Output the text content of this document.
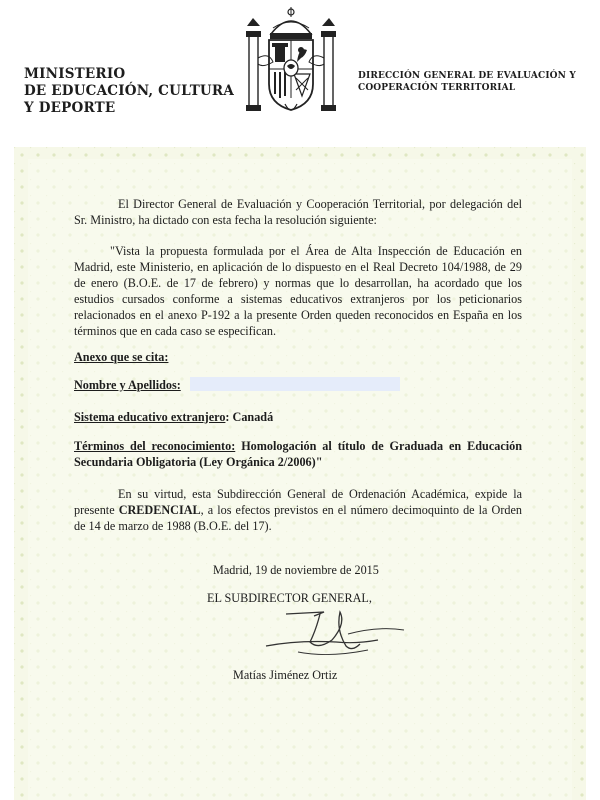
MINISTERIO
DE EDUCACIÓN, CULTURA
Y DEPORTE
DIRECCIÓN GENERAL DE EVALUACIÓN Y
COOPERACIÓN TERRITORIAL
El Director General de Evaluación y Cooperación Territorial, por delegación del Sr. Ministro, ha dictado con esta fecha la resolución siguiente:
"Vista la propuesta formulada por el Área de Alta Inspección de Educación en Madrid, este Ministerio, en aplicación de lo dispuesto en el Real Decreto 104/1988, de 29 de enero (B.O.E. de 17 de febrero) y normas que lo desarrollan, ha acordado que los estudios cursados conforme a sistemas educativos extranjeros por los peticionarios relacionados en el anexo P-192 a la presente Orden queden reconocidos en España en los términos que en cada caso se especifican.
Anexo que se cita:
Nombre y Apellidos:
Sistema educativo extranjero: Canadá
Términos del reconocimiento: Homologación al título de Graduada en Educación Secundaria Obligatoria (Ley Orgánica 2/2006)"
En su virtud, esta Subdirección General de Ordenación Académica, expide la presente CREDENCIAL, a los efectos previstos en el número decimoquinto de la Orden de 14 de marzo de 1988 (B.O.E. del 17).
Madrid, 19 de noviembre de 2015
EL SUBDIRECTOR GENERAL,
Matías Jiménez Ortiz
